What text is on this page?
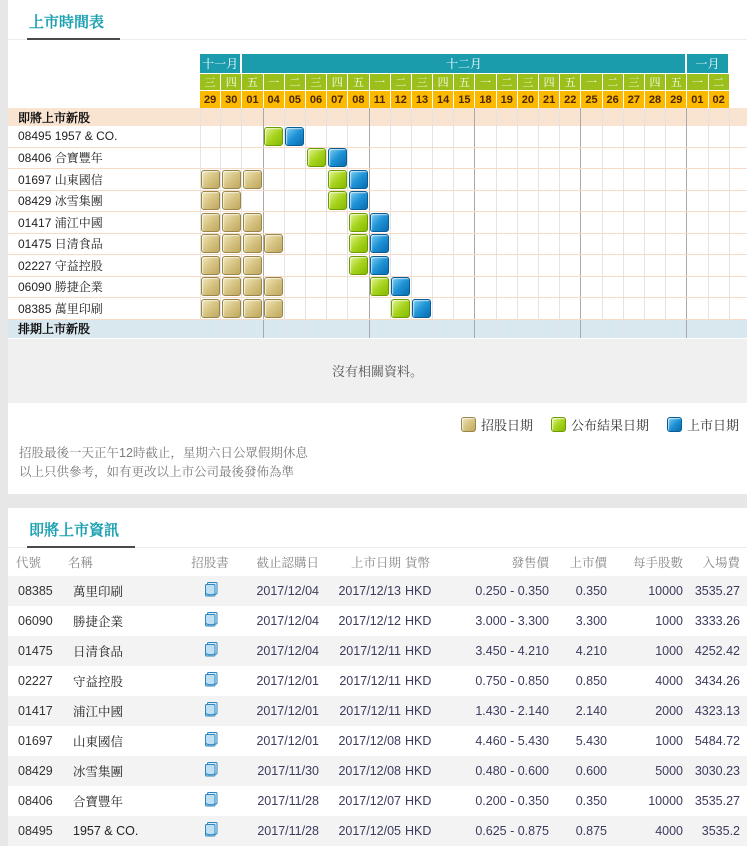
上市時間表
十一月	十二月	一月
三 四 五 一 二 三 四 五 一 二 三 四 五 一 二 三 四 五 一 二 三 四 五 一 二
29 30 01 04 05 06 07 08 11 12 13 14 15 18 19 20 21 22 25 26 27 28 29 01 02
即將上市新股
08495 1957 & CO.
08406 合寶豐年
01697 山東國信
08429 冰雪集團
01417 浦江中國
01475 日清食品
02227 守益控股
06090 勝捷企業
08385 萬里印刷
排期上市新股
沒有相關資料。
招股日期	公布結果日期	上市日期
招股最後一天正午12時截止，星期六日公眾假期休息
以上只供參考，如有更改以上市公司最後發佈為準
即將上市資訊
代號	名稱	招股書	截止認購日	上市日期 貨幣	發售價	上市價	每手股數	入場費
08385	萬里印刷	2017/12/04	2017/12/13 HKD	0.250 - 0.350	0.350	10000 3535.27
06090	勝捷企業	2017/12/04	2017/12/12 HKD	3.000 - 3.300	3.300	1000 3333.26
01475	日清食品	2017/12/04	2017/12/11 HKD	3.450 - 4.210	4.210	1000 4252.42
02227	守益控股	2017/12/01	2017/12/11 HKD	0.750 - 0.850	0.850	4000 3434.26
01417	浦江中國	2017/12/01	2017/12/11 HKD	1.430 - 2.140	2.140	2000 4323.13
01697	山東國信	2017/12/01	2017/12/08 HKD	4.460 - 5.430	5.430	1000 5484.72
08429	冰雪集團	2017/11/30	2017/12/08 HKD	0.480 - 0.600	0.600	5000 3030.23
08406	合寶豐年	2017/11/28	2017/12/07 HKD	0.200 - 0.350	0.350	10000 3535.27
08495	1957 & CO.	2017/11/28	2017/12/05 HKD	0.625 - 0.875	0.875	4000	3535.2
